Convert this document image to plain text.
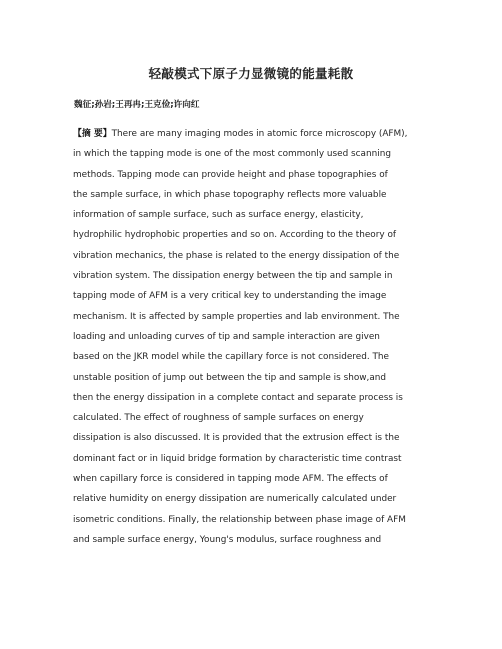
轻敲模式下原子力显微镜的能量耗散
魏征;孙岩;王再冉;王克俭;许向红
【摘 要】There are many imaging modes in atomic force microscopy (AFM),
in which the tapping mode is one of the most commonly used scanning
methods. Tapping mode can provide height and phase topographies of
the sample surface, in which phase topography reflects more valuable
information of sample surface, such as surface energy, elasticity,
hydrophilic hydrophobic properties and so on. According to the theory of
vibration mechanics, the phase is related to the energy dissipation of the
vibration system. The dissipation energy between the tip and sample in
tapping mode of AFM is a very critical key to understanding the image
mechanism. It is affected by sample properties and lab environment. The
loading and unloading curves of tip and sample interaction are given
based on the JKR model while the capillary force is not considered. The
unstable position of jump out between the tip and sample is show,and
then the energy dissipation in a complete contact and separate process is
calculated. The effect of roughness of sample surfaces on energy
dissipation is also discussed. It is provided that the extrusion effect is the
dominant fact or in liquid bridge formation by characteristic time contrast
when capillary force is considered in tapping mode AFM. The effects of
relative humidity on energy dissipation are numerically calculated under
isometric conditions. Finally, the relationship between phase image of AFM
and sample surface energy, Young's modulus, surface roughness and
